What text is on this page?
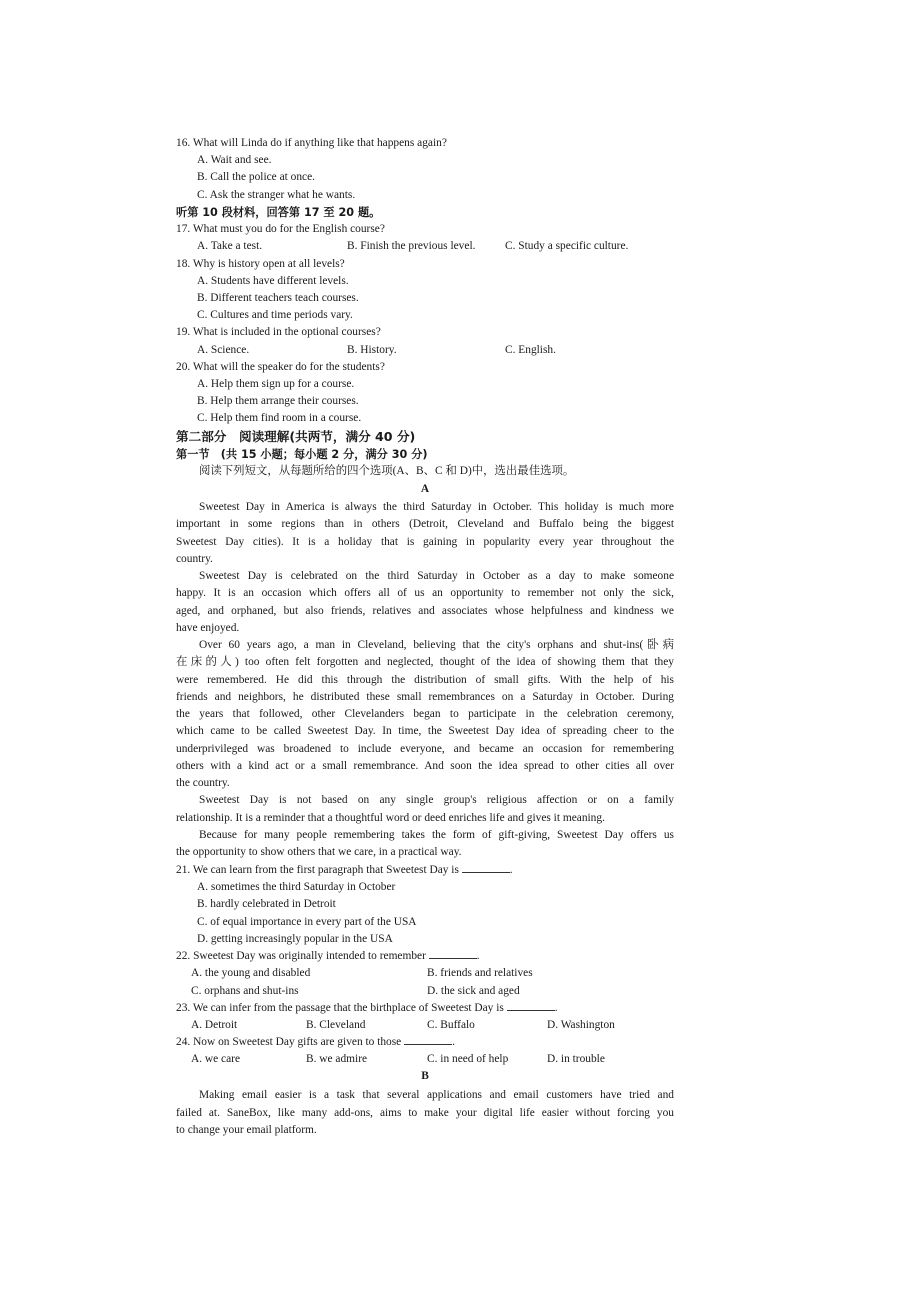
16. What will Linda do if anything like that happens again?
A. Wait and see.
B. Call the police at once.
C. Ask the stranger what he wants.
听第 10 段材料，回答第 17 至 20 题。
17. What must you do for the English course?
A. Take a test.	B. Finish the previous level.	C. Study a specific culture.
18. Why is history open at all levels?
A. Students have different levels.
B. Different teachers teach courses.
C. Cultures and time periods vary.
19. What is included in the optional courses?
A. Science.	B. History.	C. English.
20. What will the speaker do for the students?
A. Help them sign up for a course.
B. Help them arrange their courses.
C. Help them find room in a course.
第二部分　阅读理解(共两节，满分 40 分)
第一节　(共 15 小题；每小题 2 分，满分 30 分)
阅读下列短文，从每题所给的四个选项(A、B、C 和 D)中，选出最佳选项。
A
Sweetest Day in America is always the third Saturday in October. This holiday is much more
important in some regions than in others (Detroit, Cleveland and Buffalo being the biggest
Sweetest Day cities). It is a holiday that is gaining in popularity every year throughout the
country.
Sweetest Day is celebrated on the third Saturday in October as a day to make someone
happy. It is an occasion which offers all of us an opportunity to remember not only the sick,
aged, and orphaned, but also friends, relatives and associates whose helpfulness and kindness we
have enjoyed.
Over 60 years ago, a man in Cleveland, believing that the city's orphans and shut-ins(卧病
在床的人) too often felt forgotten and neglected, thought of the idea of showing them that they
were remembered. He did this through the distribution of small gifts. With the help of his
friends and neighbors, he distributed these small remembrances on a Saturday in October. During
the years that followed, other Clevelanders began to participate in the celebration ceremony,
which came to be called Sweetest Day. In time, the Sweetest Day idea of spreading cheer to the
underprivileged was broadened to include everyone, and became an occasion for remembering
others with a kind act or a small remembrance. And soon the idea spread to other cities all over
the country.
Sweetest Day is not based on any single group's religious affection or on a family
relationship. It is a reminder that a thoughtful word or deed enriches life and gives it meaning.
Because for many people remembering takes the form of gift-giving, Sweetest Day offers us
the opportunity to show others that we care, in a practical way.
21. We can learn from the first paragraph that Sweetest Day is	.
A. sometimes the third Saturday in October
B. hardly celebrated in Detroit
C. of equal importance in every part of the USA
D. getting increasingly popular in the USA
22. Sweetest Day was originally intended to remember	.
A. the young and disabled	B. friends and relatives
C. orphans and shut-ins	D. the sick and aged
23. We can infer from the passage that the birthplace of Sweetest Day is	.
A. Detroit	B. Cleveland	C. Buffalo	D. Washington
24. Now on Sweetest Day gifts are given to those	.
A. we care	B. we admire	C. in need of help	D. in trouble
B
Making email easier is a task that several applications and email customers have tried and
failed at. SaneBox, like many add-ons, aims to make your digital life easier without forcing you
to change your email platform.
